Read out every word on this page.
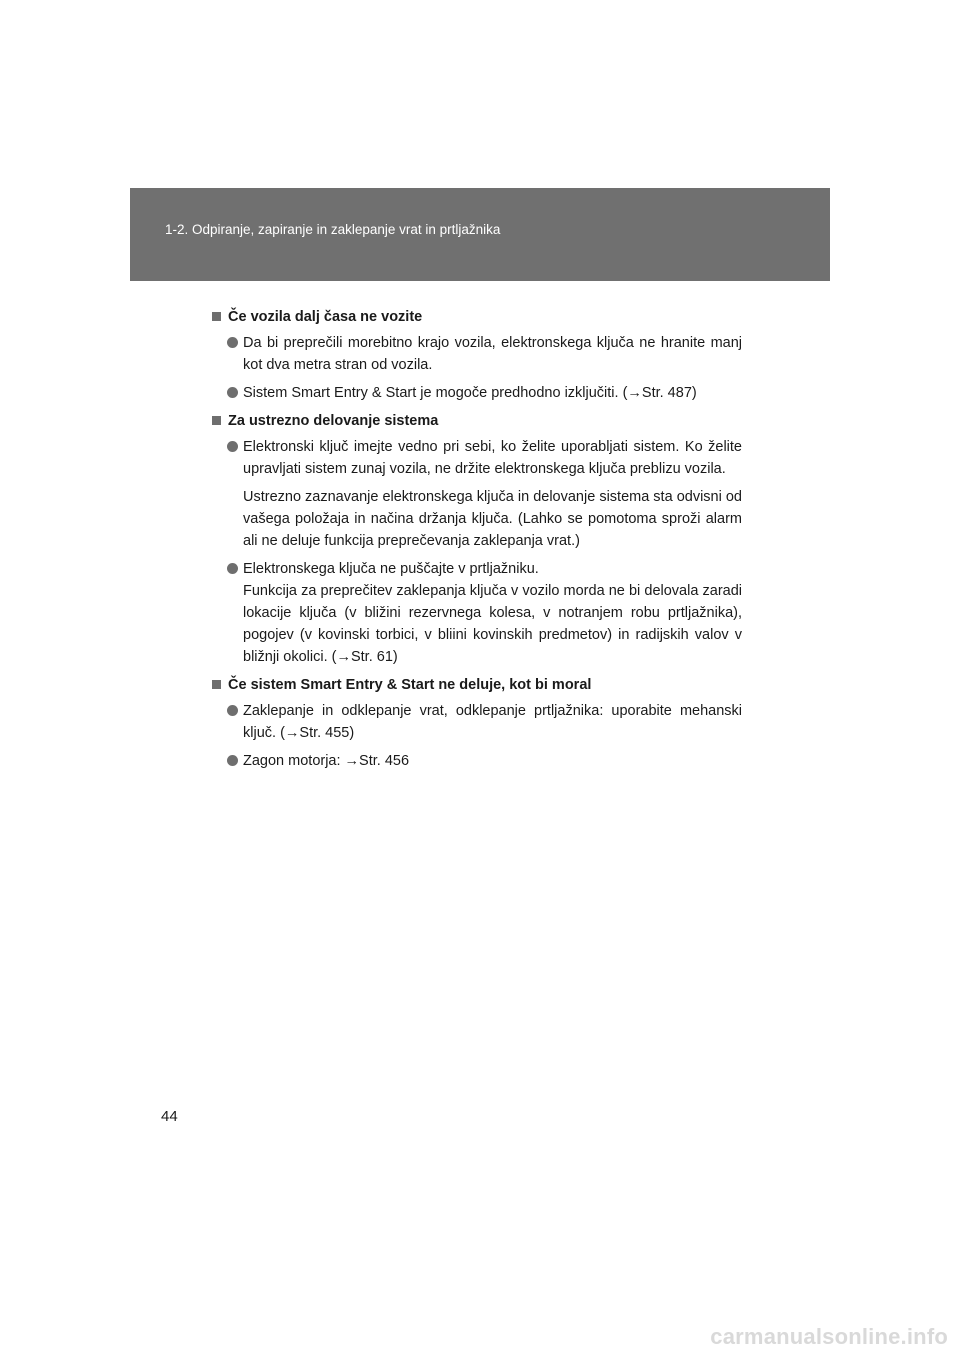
1-2. Odpiranje, zapiranje in zaklepanje vrat in prtljažnika
Če vozila dalj časa ne vozite

Da bi preprečili morebitno krajo vozila, elektronskega ključa ne hranite manj kot dva metra stran od vozila.

Sistem Smart Entry & Start je mogoče predhodno izključiti. (→Str. 487)

Za ustrezno delovanje sistema

Elektronski ključ imejte vedno pri sebi, ko želite uporabljati sistem. Ko želite upravljati sistem zunaj vozila, ne držite elektronskega ključa preblizu vozila.

Ustrezno zaznavanje elektronskega ključa in delovanje sistema sta odvisni od vašega položaja in načina držanja ključa. (Lahko se pomotoma sproži alarm ali ne deluje funkcija preprečevanja zaklepanja vrat.)

Elektronskega ključa ne puščajte v prtljažniku.

Funkcija za preprečitev zaklepanja ključa v vozilo morda ne bi delovala zaradi lokacije ključa (v bližini rezervnega kolesa, v notranjem robu prtljažnika), pogojev (v kovinski torbici, v bliini kovinskih predmetov) in radijskih valov v bližnji okolici. (→Str. 61)

Če sistem Smart Entry & Start ne deluje, kot bi moral

Zaklepanje in odklepanje vrat, odklepanje prtljažnika: uporabite mehanski ključ. (→Str. 455)

Zagon motorja: →Str. 456

44
carmanualsonline.info
